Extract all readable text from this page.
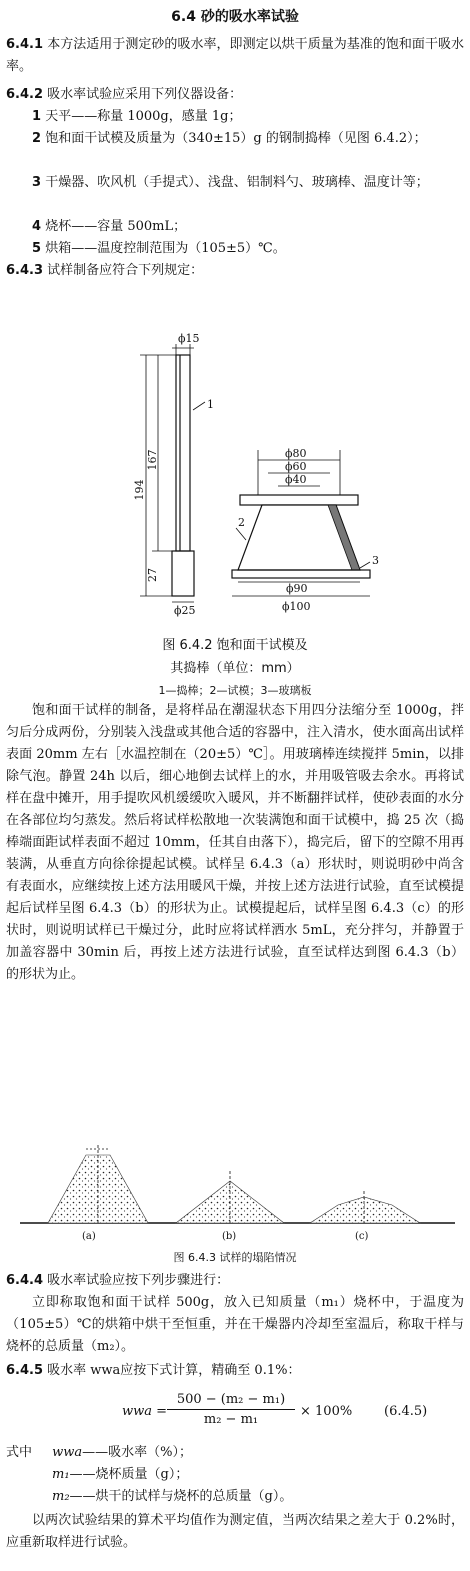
6.4 砂的吸水率试验
6.4.1 本方法适用于测定砂的吸水率，即测定以烘干质量为基准的饱和面干吸水率。
6.4.2 吸水率试验应采用下列仪器设备：
1 天平——称量 1000g，感量 1g；
2 饱和面干试模及质量为（340±15）g 的钢制捣棒（见图 6.4.2）；
3 干燥器、吹风机（手提式）、浅盘、铝制料勺、玻璃棒、温度计等；
4 烧杯——容量 500mL；
5 烘箱——温度控制范围为（105±5）℃。
6.4.3 试样制备应符合下列规定：
ϕ15
1
194
167
27
ϕ25
ϕ80
ϕ60
ϕ40
ϕ90
ϕ100
2
3
图 6.4.2 饱和面干试模及
其捣棒（单位：mm）
1—捣棒；2—试模；3—玻璃板
饱和面干试样的制备，是将样品在潮湿状态下用四分法缩分至 1000g，拌匀后分成两份，分别装入浅盘或其他合适的容器中，注入清水，使水面高出试样表面 20mm 左右［水温控制在（20±5）℃］。用玻璃棒连续搅拌 5min，以排除气泡。静置 24h 以后，细心地倒去试样上的水，并用吸管吸去余水。再将试样在盘中摊开，用手提吹风机缓缓吹入暖风，并不断翻拌试样，使砂表面的水分在各部位均匀蒸发。然后将试样松散地一次装满饱和面干试模中，捣 25 次（捣棒端面距试样表面不超过 10mm，任其自由落下），捣完后，留下的空隙不用再装满，从垂直方向徐徐提起试模。试样呈 6.4.3（a）形状时，则说明砂中尚含有表面水，应继续按上述方法用暖风干燥，并按上述方法进行试验，直至试模提起后试样呈图 6.4.3（b）的形状为止。试模提起后，试样呈图 6.4.3（c）的形状时，则说明试样已干燥过分，此时应将试样洒水 5mL，充分拌匀，并静置于加盖容器中 30min 后，再按上述方法进行试验，直至试样达到图 6.4.3（b）的形状为止。
(a)	(b)	(c)
图 6.4.3 试样的塌陷情况
6.4.4 吸水率试验应按下列步骤进行：
立即称取饱和面干试样 500g，放入已知质量（m₁）烧杯中，于温度为（105±5）℃的烘箱中烘干至恒重，并在干燥器内冷却至室温后，称取干样与烧杯的总质量（m₂）。
6.4.5 吸水率 wwa应按下式计算，精确至 0.1%：
wwa = $\frac{\text{500 − (m₂ − m₁)}}{\text{m₂ − m₁}} \times 100\%$ (6.4.5)
式中 wwa——吸水率（%）；
m₁——烧杯质量（g）；
m₂——烘干的试样与烧杯的总质量（g）。
以两次试验结果的算术平均值作为测定值，当两次结果之差大于 0.2%时，应重新取样进行试验。
